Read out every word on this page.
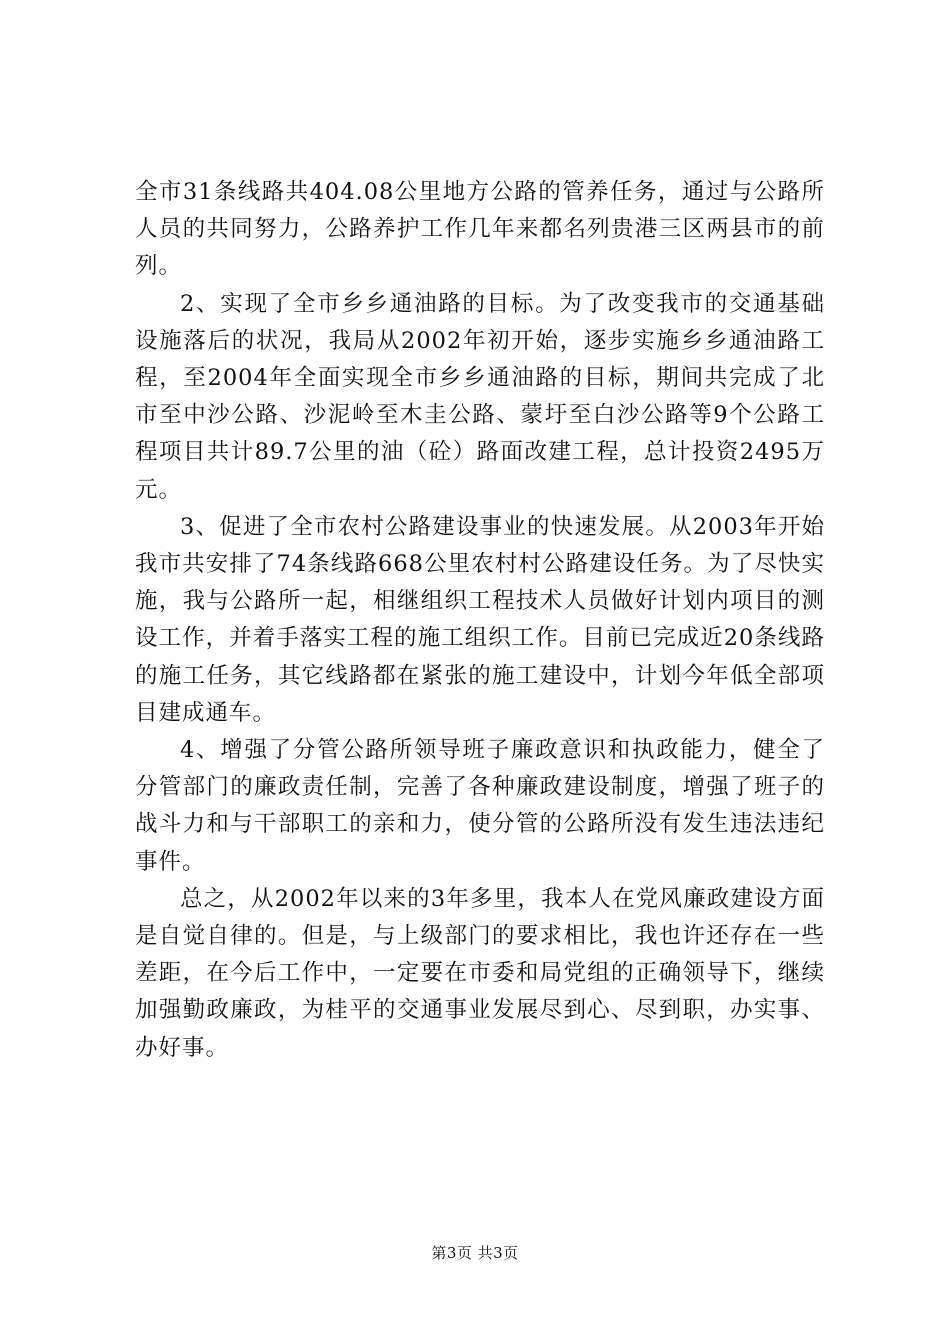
全市31条线路共404.08公里地方公路的管养任务，通过与公路所人员的共同努力，公路养护工作几年来都名列贵港三区两县市的前列。

2、实现了全市乡乡通油路的目标。为了改变我市的交通基础设施落后的状况，我局从2002年初开始，逐步实施乡乡通油路工程，至2004年全面实现全市乡乡通油路的目标，期间共完成了北市至中沙公路、沙泥岭至木圭公路、蒙圩至白沙公路等9个公路工程项目共计89.7公里的油（砼）路面改建工程，总计投资2495万元。

3、促进了全市农村公路建设事业的快速发展。从2003年开始我市共安排了74条线路668公里农村村公路建设任务。为了尽快实施，我与公路所一起，相继组织工程技术人员做好计划内项目的测设工作，并着手落实工程的施工组织工作。目前已完成近20条线路的施工任务，其它线路都在紧张的施工建设中，计划今年低全部项目建成通车。

4、增强了分管公路所领导班子廉政意识和执政能力，健全了分管部门的廉政责任制，完善了各种廉政建设制度，增强了班子的战斗力和与干部职工的亲和力，使分管的公路所没有发生违法违纪事件。

总之，从2002年以来的3年多里，我本人在党风廉政建设方面是自觉自律的。但是，与上级部门的要求相比，我也许还存在一些差距，在今后工作中，一定要在市委和局党组的正确领导下，继续加强勤政廉政，为桂平的交通事业发展尽到心、尽到职，办实事、办好事。

第3页 共3页
